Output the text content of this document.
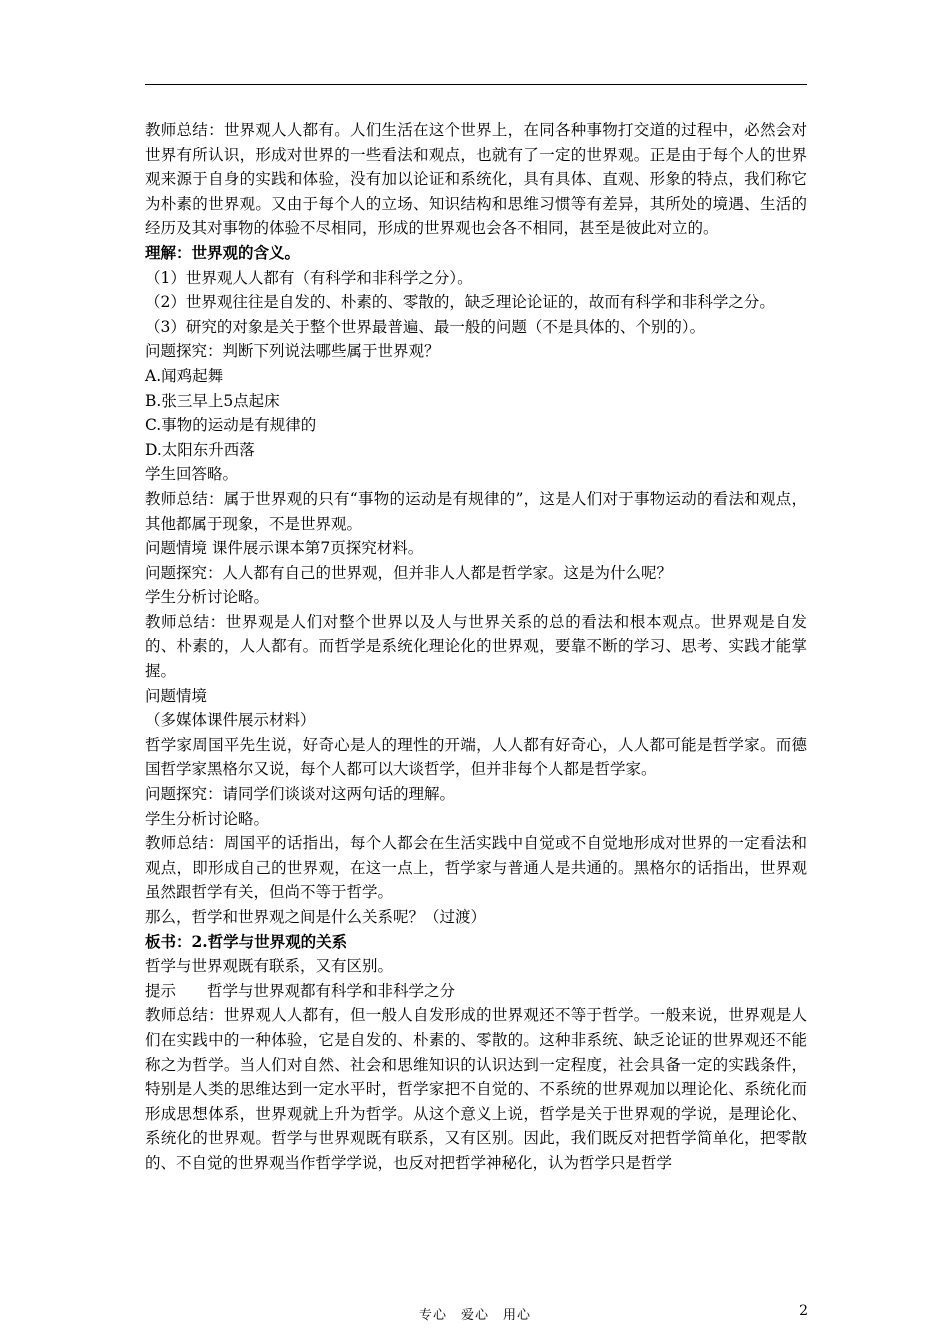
教师总结：世界观人人都有。人们生活在这个世界上，在同各种事物打交道的过程中，必然会对世界有所认识，形成对世界的一些看法和观点，也就有了一定的世界观。正是由于每个人的世界观来源于自身的实践和体验，没有加以论证和系统化，具有具体、直观、形象的特点，我们称它为朴素的世界观。又由于每个人的立场、知识结构和思维习惯等有差异，其所处的境遇、生活的经历及其对事物的体验不尽相同，形成的世界观也会各不相同，甚至是彼此对立的。

理解：世界观的含义。

（1）世界观人人都有（有科学和非科学之分）。

（2）世界观往往是自发的、朴素的、零散的，缺乏理论论证的，故而有科学和非科学之分。

（3）研究的对象是关于整个世界最普遍、最一般的问题（不是具体的、个别的）。

问题探究：判断下列说法哪些属于世界观？

A.闻鸡起舞

B.张三早上5点起床

C.事物的运动是有规律的

D.太阳东升西落

学生回答略。

教师总结：属于世界观的只有“事物的运动是有规律的”，这是人们对于事物运动的看法和观点，其他都属于现象，不是世界观。

问题情境 课件展示课本第7页探究材料。

问题探究：人人都有自己的世界观，但并非人人都是哲学家。这是为什么呢？

学生分析讨论略。

教师总结：世界观是人们对整个世界以及人与世界关系的总的看法和根本观点。世界观是自发的、朴素的，人人都有。而哲学是系统化理论化的世界观，要靠不断的学习、思考、实践才能掌握。

问题情境

（多媒体课件展示材料）

哲学家周国平先生说，好奇心是人的理性的开端，人人都有好奇心，人人都可能是哲学家。而德国哲学家黑格尔又说，每个人都可以大谈哲学，但并非每个人都是哲学家。

问题探究：请同学们谈谈对这两句话的理解。

学生分析讨论略。

教师总结：周国平的话指出，每个人都会在生活实践中自觉或不自觉地形成对世界的一定看法和观点，即形成自己的世界观，在这一点上，哲学家与普通人是共通的。黑格尔的话指出，世界观虽然跟哲学有关，但尚不等于哲学。

那么，哲学和世界观之间是什么关系呢？（过渡）

板书：2.哲学与世界观的关系

哲学与世界观既有联系，又有区别。

提示　　哲学与世界观都有科学和非科学之分

教师总结：世界观人人都有，但一般人自发形成的世界观还不等于哲学。一般来说，世界观是人们在实践中的一种体验，它是自发的、朴素的、零散的。这种非系统、缺乏论证的世界观还不能称之为哲学。当人们对自然、社会和思维知识的认识达到一定程度，社会具备一定的实践条件，特别是人类的思维达到一定水平时，哲学家把不自觉的、不系统的世界观加以理论化、系统化而形成思想体系，世界观就上升为哲学。从这个意义上说，哲学是关于世界观的学说，是理论化、系统化的世界观。哲学与世界观既有联系，又有区别。因此，我们既反对把哲学简单化，把零散的、不自觉的世界观当作哲学学说，也反对把哲学神秘化，认为哲学只是哲学

专心　爱心　用心	2
